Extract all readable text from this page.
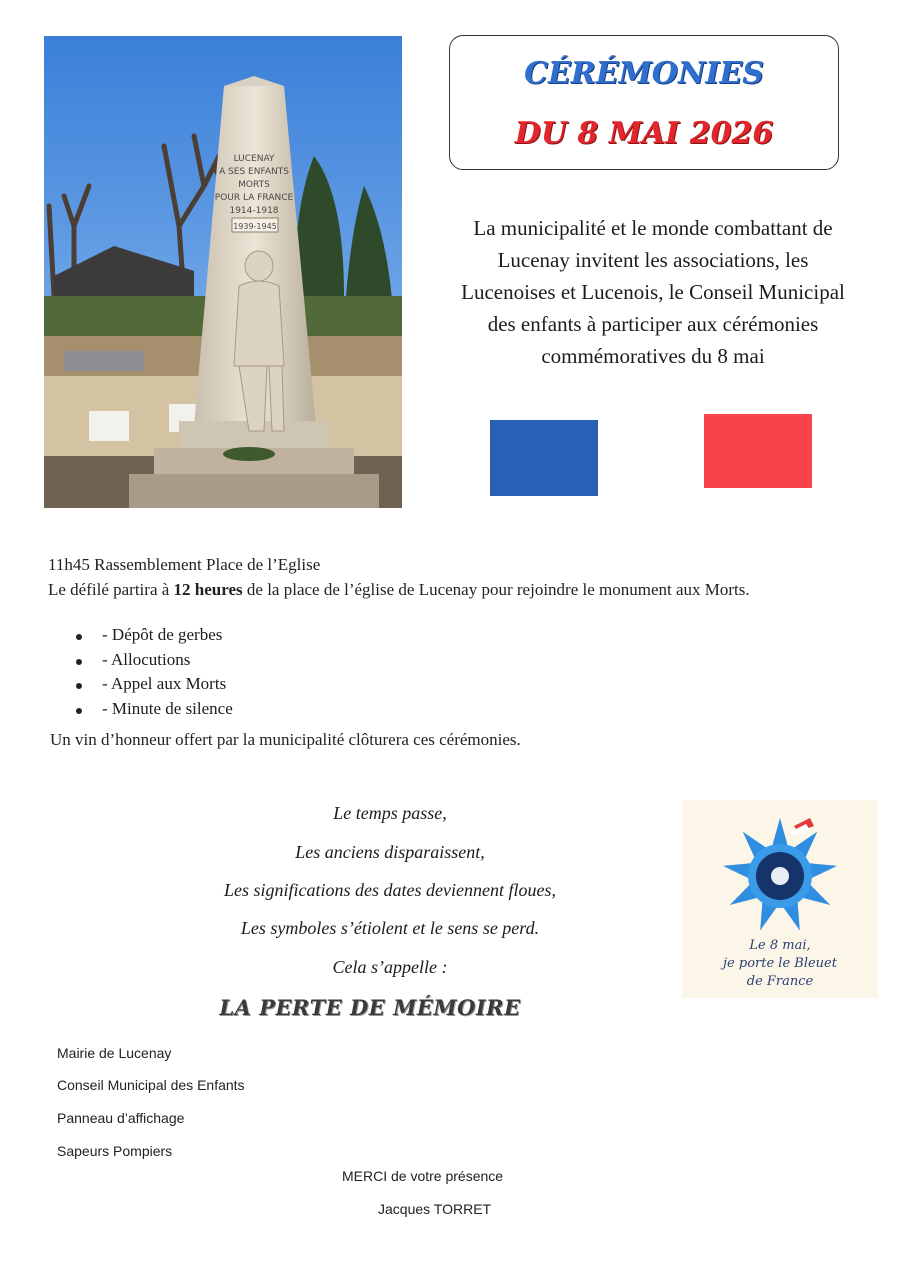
LUCENAY
A SES ENFANTS
MORTS
POUR LA FRANCE
1914-1918
1939-1945
CÉRÉMONIES
DU 8 MAI 2026
La municipalité et le monde combattant de Lucenay invitent les associations, les Lucenoises et Lucenois, le Conseil Municipal des enfants à participer aux cérémonies commémoratives du 8 mai
11h45 Rassemblement Place de l’Eglise
Le défilé partira à 12 heures de la place de l’église de Lucenay pour rejoindre le monument aux Morts.
- Dépôt de gerbes
- Allocutions
- Appel aux Morts
- Minute de silence
Un vin d’honneur offert par la municipalité clôturera ces cérémonies.
Le temps passe,
Les anciens disparaissent,
Les significations des dates deviennent floues,
Les symboles s’étiolent et le sens se perd.
Cela s’appelle :
LA PERTE DE MÉMOIRE
Le 8 mai,
je porte le Bleuet
de France
Mairie de Lucenay
Conseil Municipal des Enfants
Panneau d’affichage
Sapeurs Pompiers
MERCI de votre présence
Jacques TORRET
